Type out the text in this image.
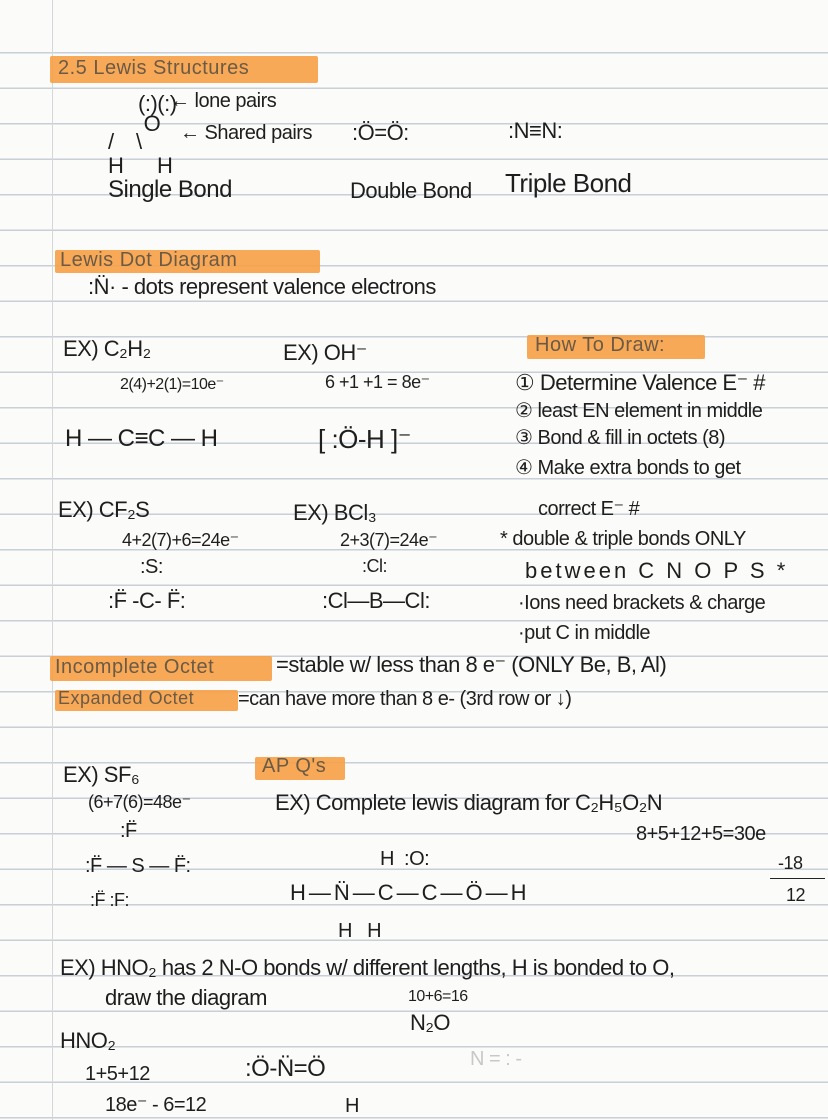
2.5 Lewis Structures
(:)(:)
O
/    \
H      H
← lone pairs
← Shared pairs :Ö=Ö:	:N≡N:
Single Bond	Double Bond Triple Bond
Lewis Dot Diagram
:N̈· - dots represent valence electrons
EX) C₂H₂
2(4)+2(1)=10e⁻
H — C≡C — H
EX) OH⁻
6 +1 +1 = 8e⁻
[ :Ö-H ]⁻
EX) CF₂S
4+2(7)+6=24e⁻
:S:
:F̈ -C- F̈:
EX) BCl₃
2+3(7)=24e⁻
:Cl:
:Cl—B—Cl:
How To Draw:
① Determine Valence E⁻ #
② least EN element in middle
③ Bond & fill in octets (8)
④ Make extra bonds to get
correct E⁻ #
* double & triple bonds ONLY
between C N O P S *
·Ions need brackets & charge
·put C in middle
Incomplete Octet	=stable w/ less than 8 e⁻ (ONLY Be, B, Al)
Expanded Octet =can have more than 8 e- (3rd row or ↓)
EX) SF₆
(6+7(6)=48e⁻
:F̈
:F̈ — S — F̈:
:F̈ :F:
AP Q's
EX) Complete lewis diagram for C₂H₅O₂N
8+5+12+5=30e
-18
12
H  :O:
H—N̈—C—C—Ö—H
H   H
EX) HNO₂ has 2 N-O bonds w/ different lengths, H is bonded to O,
draw the diagram	10+6=16
N₂O
HNO₂
1+5+12
18e⁻ - 6=12
:Ö-N̈=Ö
H
N = : -
